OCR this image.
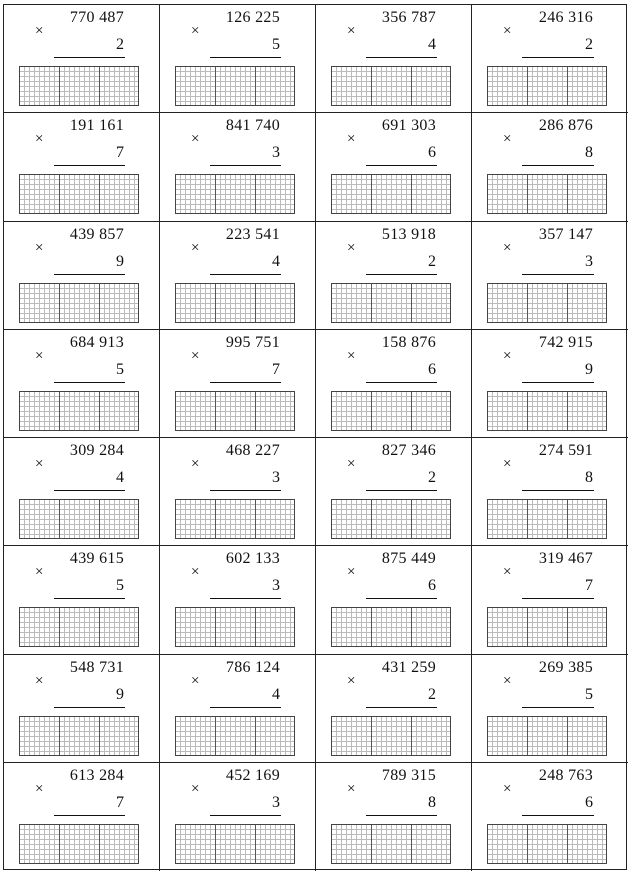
770 487
×
2
126 225
×
5
356 787
×
4
246 316
×
2
191 161
×
7
841 740
×
3
691 303
×
6
286 876
×
8
439 857
×
9
223 541
×
4
513 918
×
2
357 147
×
3
684 913
×
5
995 751
×
7
158 876
×
6
742 915
×
9
309 284
×
4
468 227
×
3
827 346
×
2
274 591
×
8
439 615
×
5
602 133
×
3
875 449
×
6
319 467
×
7
548 731
×
9
786 124
×
4
431 259
×
2
269 385
×
5
613 284
×
7
452 169
×
3
789 315
×
8
248 763
×
6
